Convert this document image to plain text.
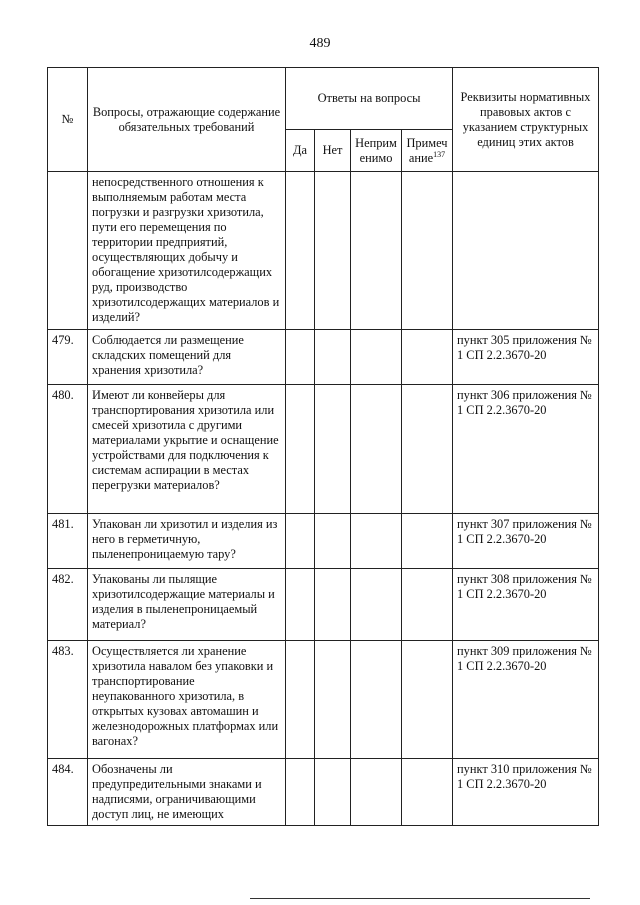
489
№	Вопросы, отражающие содержание обязательных требований	Ответы на вопросы				Реквизиты нормативных правовых актов с указанием структурных единиц этих актов
		Да	Нет	Неприм енимо	Примеч ание$^{137}$
	непосредственного отношения к выполняемым работам места погрузки и разгрузки хризотила, пути его перемещения по территории предприятий, осуществляющих добычу и обогащение хризотилсодержащих руд, производство хризотилсодержащих материалов и изделий?					
479.	Соблюдается ли размещение складских помещений для хранения хризотила?					пункт 305 приложения № 1 СП 2.2.3670-20
480.	Имеют ли конвейеры для транспортирования хризотила или смесей хризотила с другими материалами укрытие и оснащение устройствами для подключения к системам аспирации в местах перегрузки материалов?					пункт 306 приложения № 1 СП 2.2.3670-20
481.	Упакован ли хризотил и изделия из него в герметичную, пыленепроницаемую тару?					пункт 307 приложения № 1 СП 2.2.3670-20
482.	Упакованы ли пылящие хризотилсодержащие материалы и изделия в пыленепроницаемый материал?					пункт 308 приложения № 1 СП 2.2.3670-20
483.	Осуществляется ли хранение хризотила навалом без упаковки и транспортирование неупакованного хризотила, в открытых кузовах автомашин и железнодорожных платформах или вагонах?					пункт 309 приложения № 1 СП 2.2.3670-20
484.	Обозначены ли предупредительными знаками и надписями, ограничивающими доступ лиц, не имеющих					пункт 310 приложения № 1 СП 2.2.3670-20
